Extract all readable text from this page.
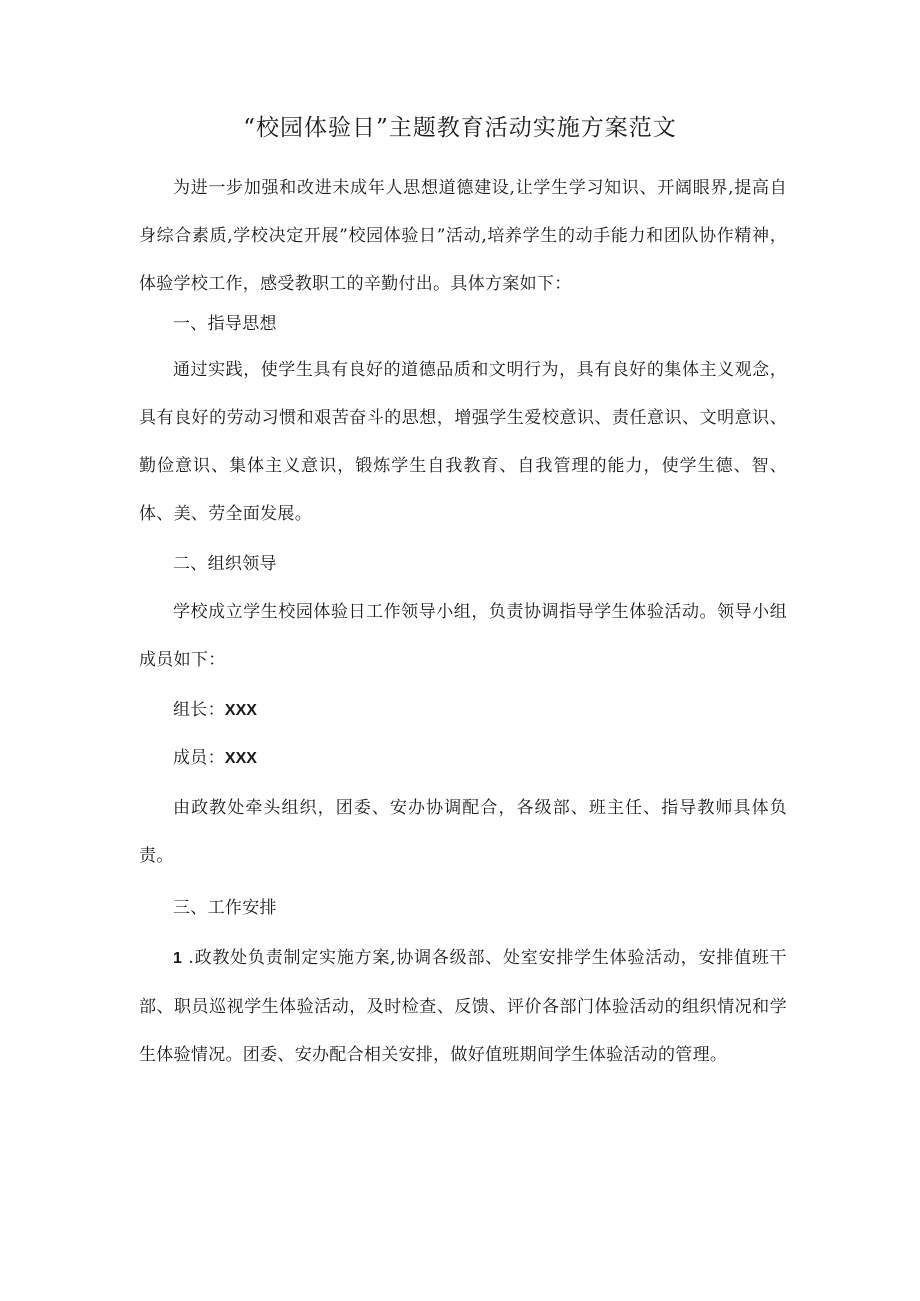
“校园体验日”主题教育活动实施方案范文

为进一步加强和改进未成年人思想道德建设,让学生学习知识、开阔眼界,提高自身综合素质,学校决定开展”校园体验日”活动,培养学生的动手能力和团队协作精神，体验学校工作，感受教职工的辛勤付出。具体方案如下：

一、指导思想

通过实践，使学生具有良好的道德品质和文明行为，具有良好的集体主义观念，具有良好的劳动习惯和艰苦奋斗的思想，增强学生爱校意识、责任意识、文明意识、勤俭意识、集体主义意识，锻炼学生自我教育、自我管理的能力，使学生德、智、体、美、劳全面发展。

二、组织领导

学校成立学生校园体验日工作领导小组，负责协调指导学生体验活动。领导小组成员如下：

组长：XXX

成员：XXX

由政教处牵头组织，团委、安办协调配合，各级部、班主任、指导教师具体负责。

三、工作安排

1 .政教处负责制定实施方案,协调各级部、处室安排学生体验活动，安排值班干部、职员巡视学生体验活动，及时检查、反馈、评价各部门体验活动的组织情况和学生体验情况。团委、安办配合相关安排，做好值班期间学生体验活动的管理。
